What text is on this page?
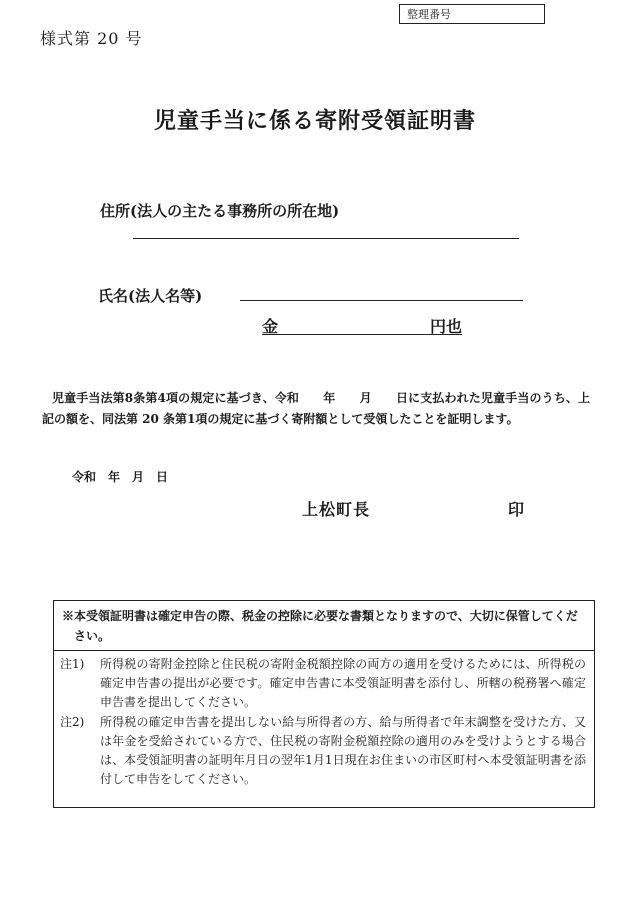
様式第 20 号
整理番号
児童手当に係る寄附受領証明書
住所(法人の主たる事務所の所在地)
氏名(法人名等)
金	円也
児童手当法第8条第4項の規定に基づき、令和　　年　　月　　日に支払われた児童手当のうち、上記の額を、同法第 20 条第1項の規定に基づく寄附額として受領したことを証明します。
令和　年　月　日
上松町長	印
※本受領証明書は確定申告の際、税金の控除に必要な書類となりますので、大切に保管してください。
注1) 所得税の寄附金控除と住民税の寄附金税額控除の両方の適用を受けるためには、所得税の確定申告書の提出が必要です。確定申告書に本受領証明書を添付し、所轄の税務署へ確定申告書を提出してください。
注2) 所得税の確定申告書を提出しない給与所得者の方、給与所得者で年末調整を受けた方、又は年金を受給されている方で、住民税の寄附金税額控除の適用のみを受けようとする場合は、本受領証明書の証明年月日の翌年1月1日現在お住まいの市区町村へ本受領証明書を添付して申告をしてください。
